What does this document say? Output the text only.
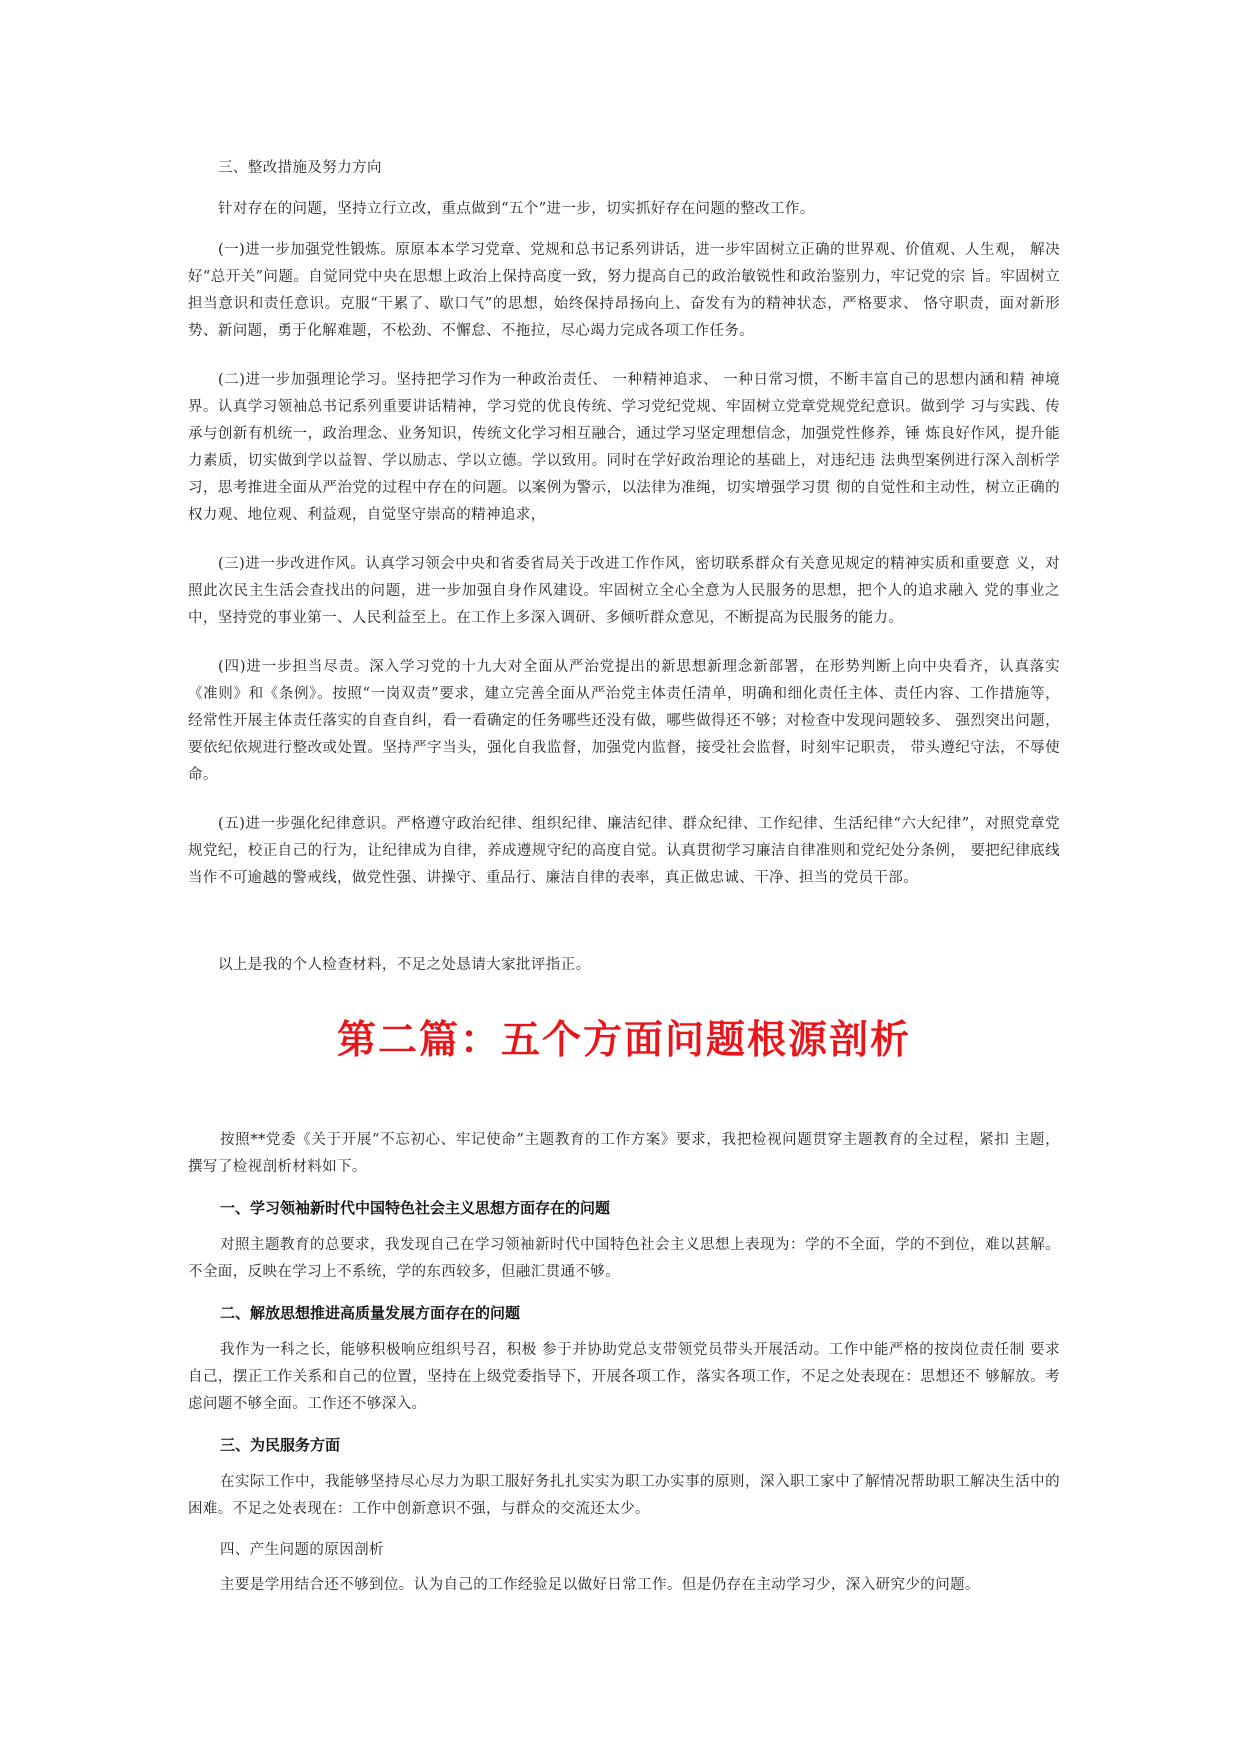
三、整改措施及努力方向

针对存在的问题，坚持立行立改，重点做到“五个”进一步，切实抓好存在问题的整改工作。

(一)进一步加强党性锻炼。原原本本学习党章、党规和总书记系列讲话，进一步牢固树立正确的世界观、价值观、人生观， 解决好“总开关”问题。自觉同党中央在思想上政治上保持高度一致，努力提高自己的政治敏锐性和政治鉴别力，牢记党的宗 旨。牢固树立担当意识和责任意识。克服“干累了、歇口气”的思想，始终保持昂扬向上、奋发有为的精神状态，严格要求、 恪守职责，面对新形势、新问题，勇于化解难题，不松劲、不懈怠、不拖拉，尽心竭力完成各项工作任务。

(二)进一步加强理论学习。坚持把学习作为一种政治责任、 一种精神追求、 一种日常习惯，不断丰富自己的思想内涵和精 神境界。认真学习领袖总书记系列重要讲话精神，学习党的优良传统、学习党纪党规、牢固树立党章党规党纪意识。做到学 习与实践、传承与创新有机统一，政治理念、业务知识，传统文化学习相互融合，通过学习坚定理想信念，加强党性修养，锤 炼良好作风，提升能力素质，切实做到学以益智、学以励志、学以立德。学以致用。同时在学好政治理论的基础上，对违纪违 法典型案例进行深入剖析学习，思考推进全面从严治党的过程中存在的问题。以案例为警示，以法律为准绳，切实增强学习贯 彻的自觉性和主动性，树立正确的权力观、地位观、利益观，自觉坚守崇高的精神追求，

(三)进一步改进作风。认真学习领会中央和省委省局关于改进工作作风，密切联系群众有关意见规定的精神实质和重要意 义，对照此次民主生活会查找出的问题，进一步加强自身作风建设。牢固树立全心全意为人民服务的思想，把个人的追求融入 党的事业之中，坚持党的事业第一、人民利益至上。在工作上多深入调研、多倾听群众意见，不断提高为民服务的能力。

(四)进一步担当尽责。深入学习党的十九大对全面从严治党提出的新思想新理念新部署，在形势判断上向中央看齐，认真落实《准则》和《条例》。按照“一岗双责”要求，建立完善全面从严治党主体责任清单，明确和细化责任主体、责任内容、工作措施等，经常性开展主体责任落实的自查自纠，看一看确定的任务哪些还没有做，哪些做得还不够；对检查中发现问题较多、 强烈突出问题，要依纪依规进行整改或处置。坚持严字当头，强化自我监督，加强党内监督，接受社会监督，时刻牢记职责， 带头遵纪守法，不辱使命。

(五)进一步强化纪律意识。严格遵守政治纪律、组织纪律、廉洁纪律、群众纪律、工作纪律、生活纪律“六大纪律”，对照党章党规党纪，校正自己的行为，让纪律成为自律，养成遵规守纪的高度自觉。认真贯彻学习廉洁自律准则和党纪处分条例， 要把纪律底线当作不可逾越的警戒线，做党性强、讲操守、重品行、廉洁自律的表率，真正做忠诚、干净、担当的党员干部。

以上是我的个人检查材料，不足之处恳请大家批评指正。

第二篇：五个方面问题根源剖析

按照**党委《关于开展“不忘初心、牢记使命”主题教育的工作方案》要求，我把检视问题贯穿主题教育的全过程，紧扣 主题，撰写了检视剖析材料如下。

一、学习领袖新时代中国特色社会主义思想方面存在的问题

对照主题教育的总要求，我发现自己在学习领袖新时代中国特色社会主义思想上表现为：学的不全面，学的不到位，难以甚解。不全面，反映在学习上不系统，学的东西较多，但融汇贯通不够。

二、解放思想推进高质量发展方面存在的问题

我作为一科之长，能够积极响应组织号召，积极 参于并协助党总支带领党员带头开展活动。工作中能严格的按岗位责任制 要求自己，摆正工作关系和自己的位置，坚持在上级党委指导下，开展各项工作，落实各项工作，不足之处表现在：思想还不 够解放。考虑问题不够全面。工作还不够深入。

三、为民服务方面

在实际工作中，我能够坚持尽心尽力为职工服好务扎扎实实为职工办实事的原则，深入职工家中了解情况帮助职工解决生活中的困难。不足之处表现在：工作中创新意识不强，与群众的交流还太少。

四、产生问题的原因剖析

主要是学用结合还不够到位。认为自己的工作经验足以做好日常工作。但是仍存在主动学习少，深入研究少的问题。
